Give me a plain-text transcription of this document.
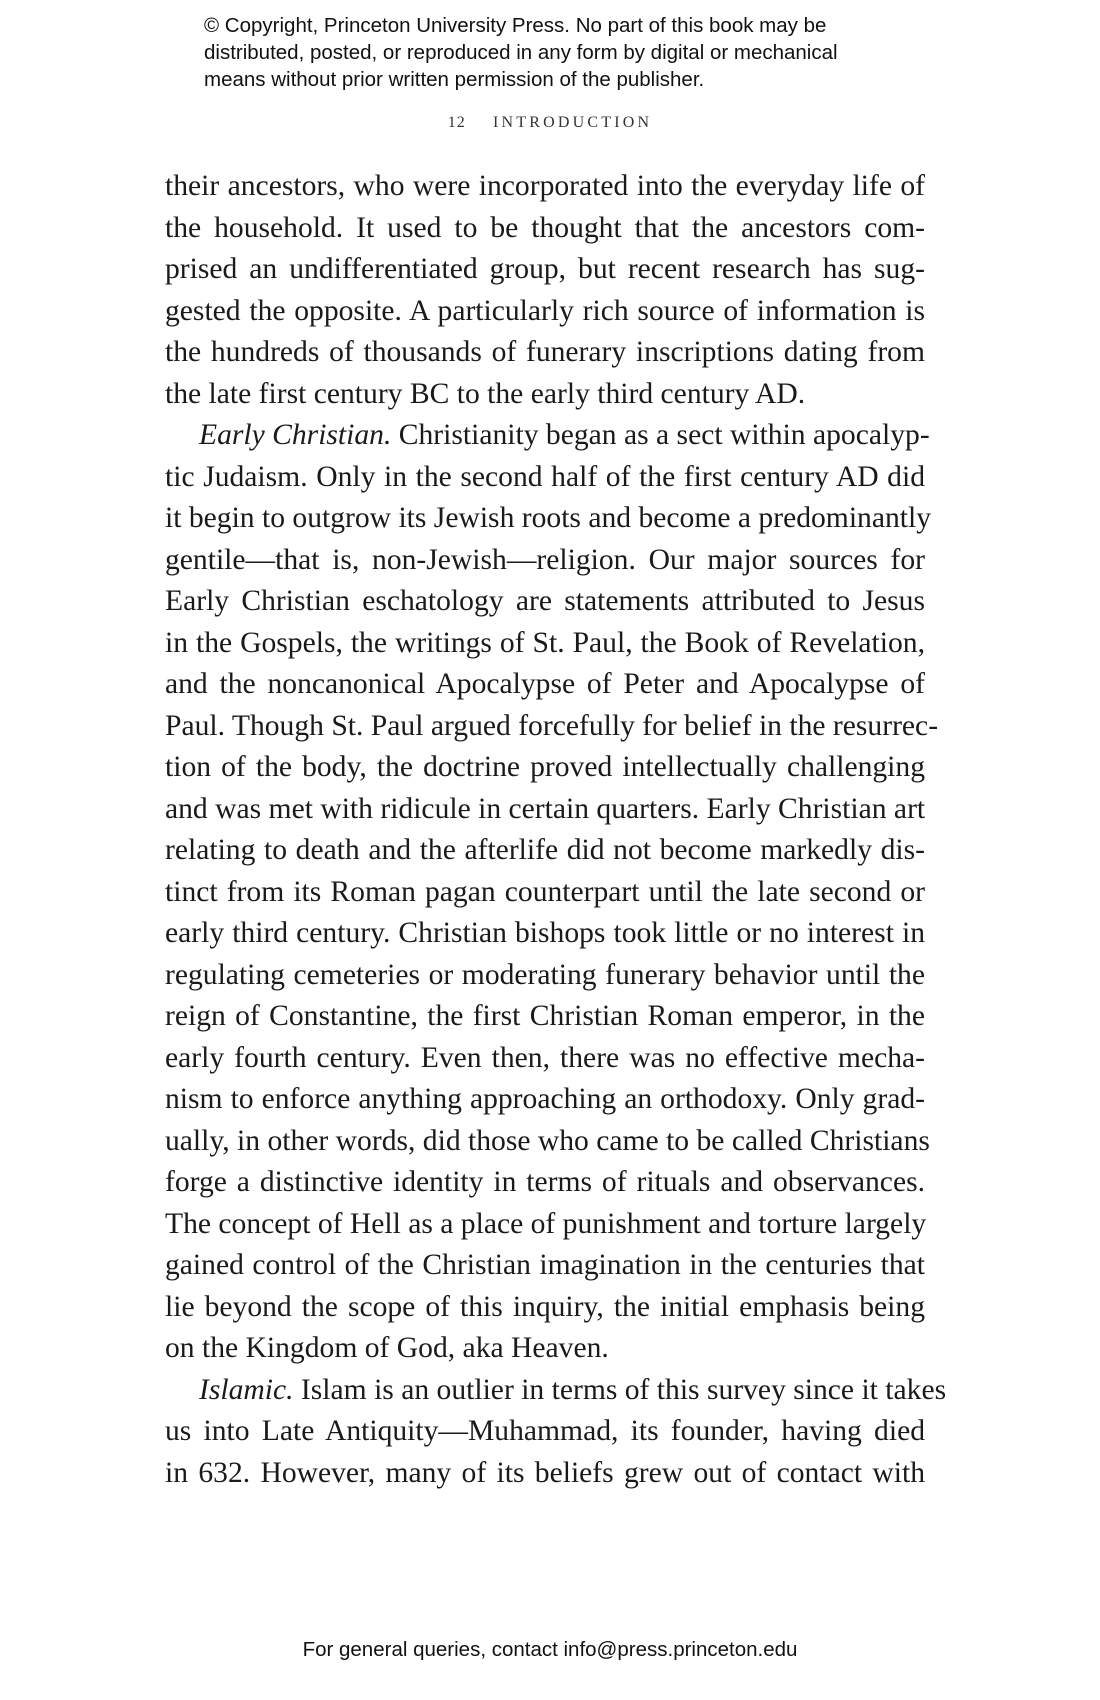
© Copyright, Princeton University Press. No part of this book may be
distributed, posted, or reproduced in any form by digital or mechanical
means without prior written permission of the publisher.
12 INTRODUCTION
their ancestors, who were incorporated into the everyday life of
the household. It used to be thought that the ancestors com-
prised an undifferentiated group, but recent research has sug-
gested the opposite. A particularly rich source of information is
the hundreds of thousands of funerary inscriptions dating from
the late first century BC to the early third century AD.
Early Christian. Christianity began as a sect within apocalyp-
tic Judaism. Only in the second half of the first century AD did
it begin to outgrow its Jewish roots and become a predominantly
gentile—that is, non-Jewish—religion. Our major sources for
Early Christian eschatology are statements attributed to Jesus
in the Gospels, the writings of St. Paul, the Book of Revelation,
and the noncanonical Apocalypse of Peter and Apocalypse of
Paul. Though St. Paul argued forcefully for belief in the resurrec-
tion of the body, the doctrine proved intellectually challenging
and was met with ridicule in certain quarters. Early Christian art
relating to death and the afterlife did not become markedly dis-
tinct from its Roman pagan counterpart until the late second or
early third century. Christian bishops took little or no interest in
regulating cemeteries or moderating funerary behavior until the
reign of Constantine, the first Christian Roman emperor, in the
early fourth century. Even then, there was no effective mecha-
nism to enforce anything approaching an orthodoxy. Only grad-
ually, in other words, did those who came to be called Christians
forge a distinctive identity in terms of rituals and observances.
The concept of Hell as a place of punishment and torture largely
gained control of the Christian imagination in the centuries that
lie beyond the scope of this inquiry, the initial emphasis being
on the Kingdom of God, aka Heaven.
Islamic. Islam is an outlier in terms of this survey since it takes
us into Late Antiquity—Muhammad, its founder, having died
in 632. However, many of its beliefs grew out of contact with
For general queries, contact info@press.princeton.edu
